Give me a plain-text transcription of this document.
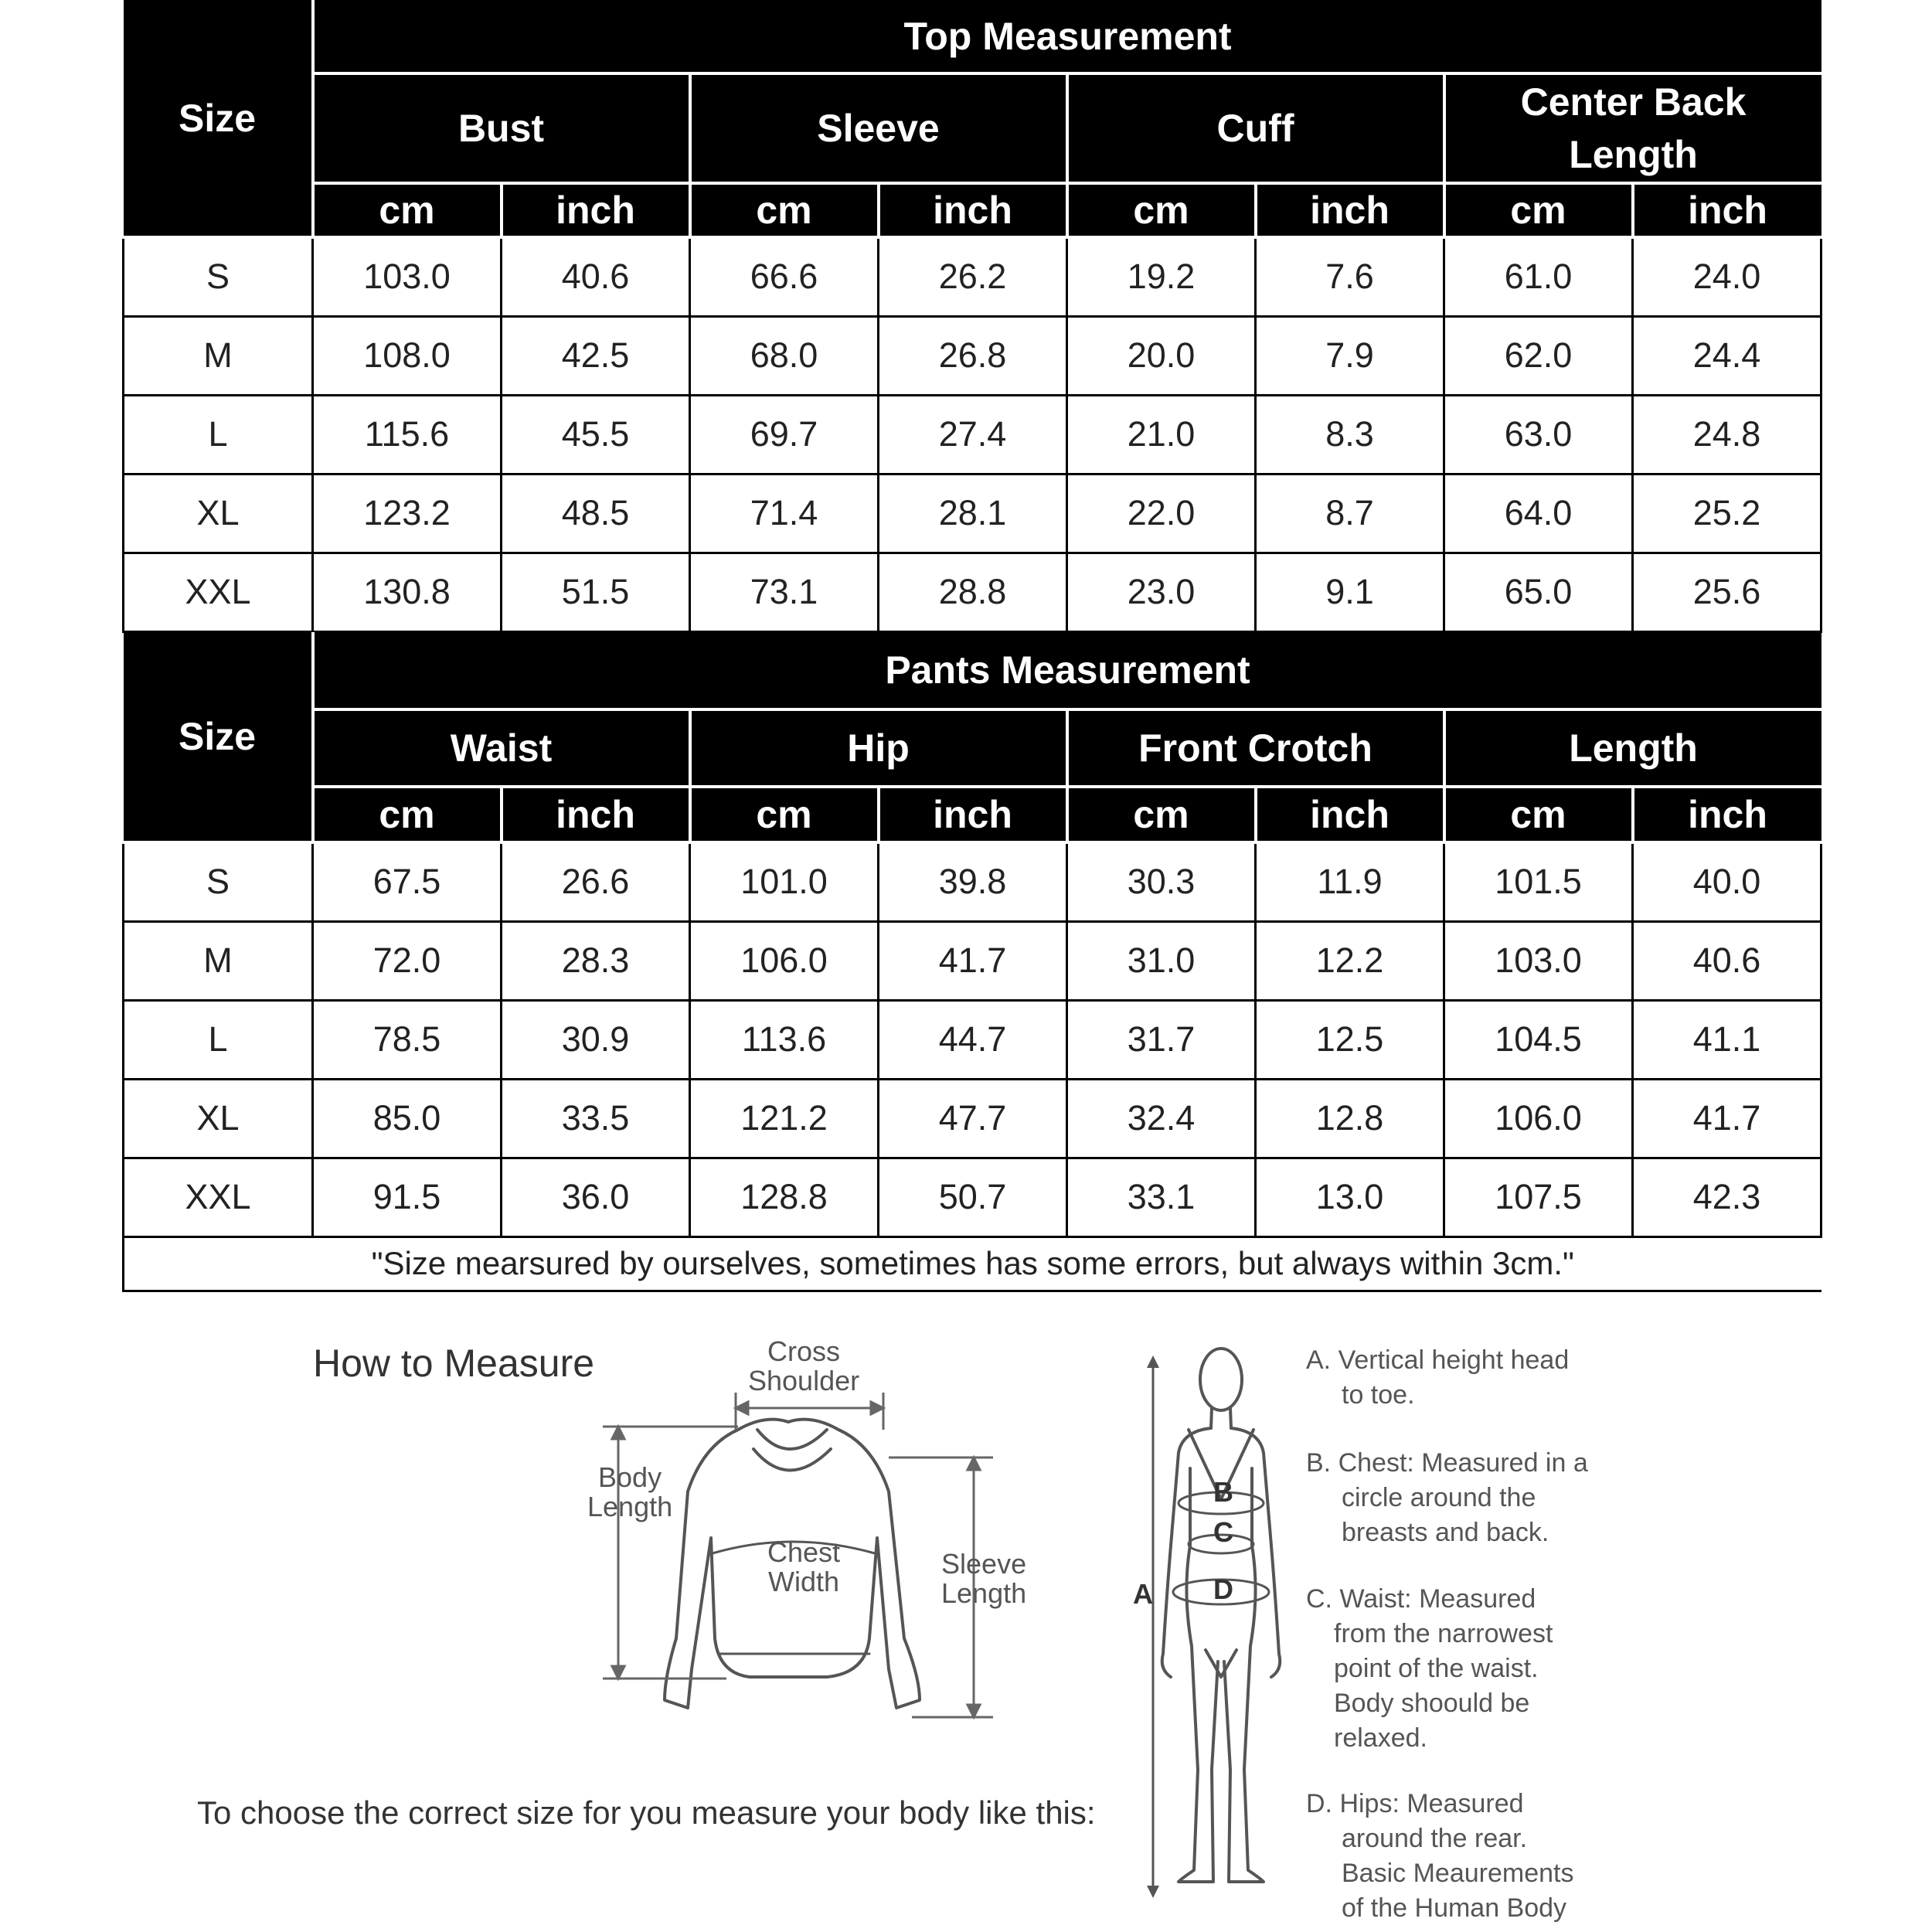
Size	Top Measurement							
	Bust		Sleeve		Cuff		Center Back Length	
	cm	inch	cm	inch	cm	inch	cm	inch
S	103.0	40.6	66.6	26.2	19.2	7.6	61.0	24.0
M	108.0	42.5	68.0	26.8	20.0	7.9	62.0	24.4
L	115.6	45.5	69.7	27.4	21.0	8.3	63.0	24.8
XL	123.2	48.5	71.4	28.1	22.0	8.7	64.0	25.2
XXL	130.8	51.5	73.1	28.8	23.0	9.1	65.0	25.6
Size	Pants Measurement							
	Waist		Hip		Front Crotch		Length	
	cm	inch	cm	inch	cm	inch	cm	inch
S	67.5	26.6	101.0	39.8	30.3	11.9	101.5	40.0
M	72.0	28.3	106.0	41.7	31.0	12.2	103.0	40.6
L	78.5	30.9	113.6	44.7	31.7	12.5	104.5	41.1
XL	85.0	33.5	121.2	47.7	32.4	12.8	106.0	41.7
XXL	91.5	36.0	128.8	50.7	33.1	13.0	107.5	42.3
"Size mearsured by ourselves, sometimes has some errors, but always within 3cm."								
How to Measure
To choose the correct size for you measure your body like this:
Cross
Shoulder
Body
Length
Chest
Width
Sleeve
Length	A
B
C
D
A. Vertical height head
to toe.
B. Chest: Measured in a
circle around the
breasts and back.
C. Waist: Measured
from the narrowest
point of the waist.
Body shoould be
relaxed.
D. Hips: Measured
around the rear.
Basic Meaurements
of the Human Body
